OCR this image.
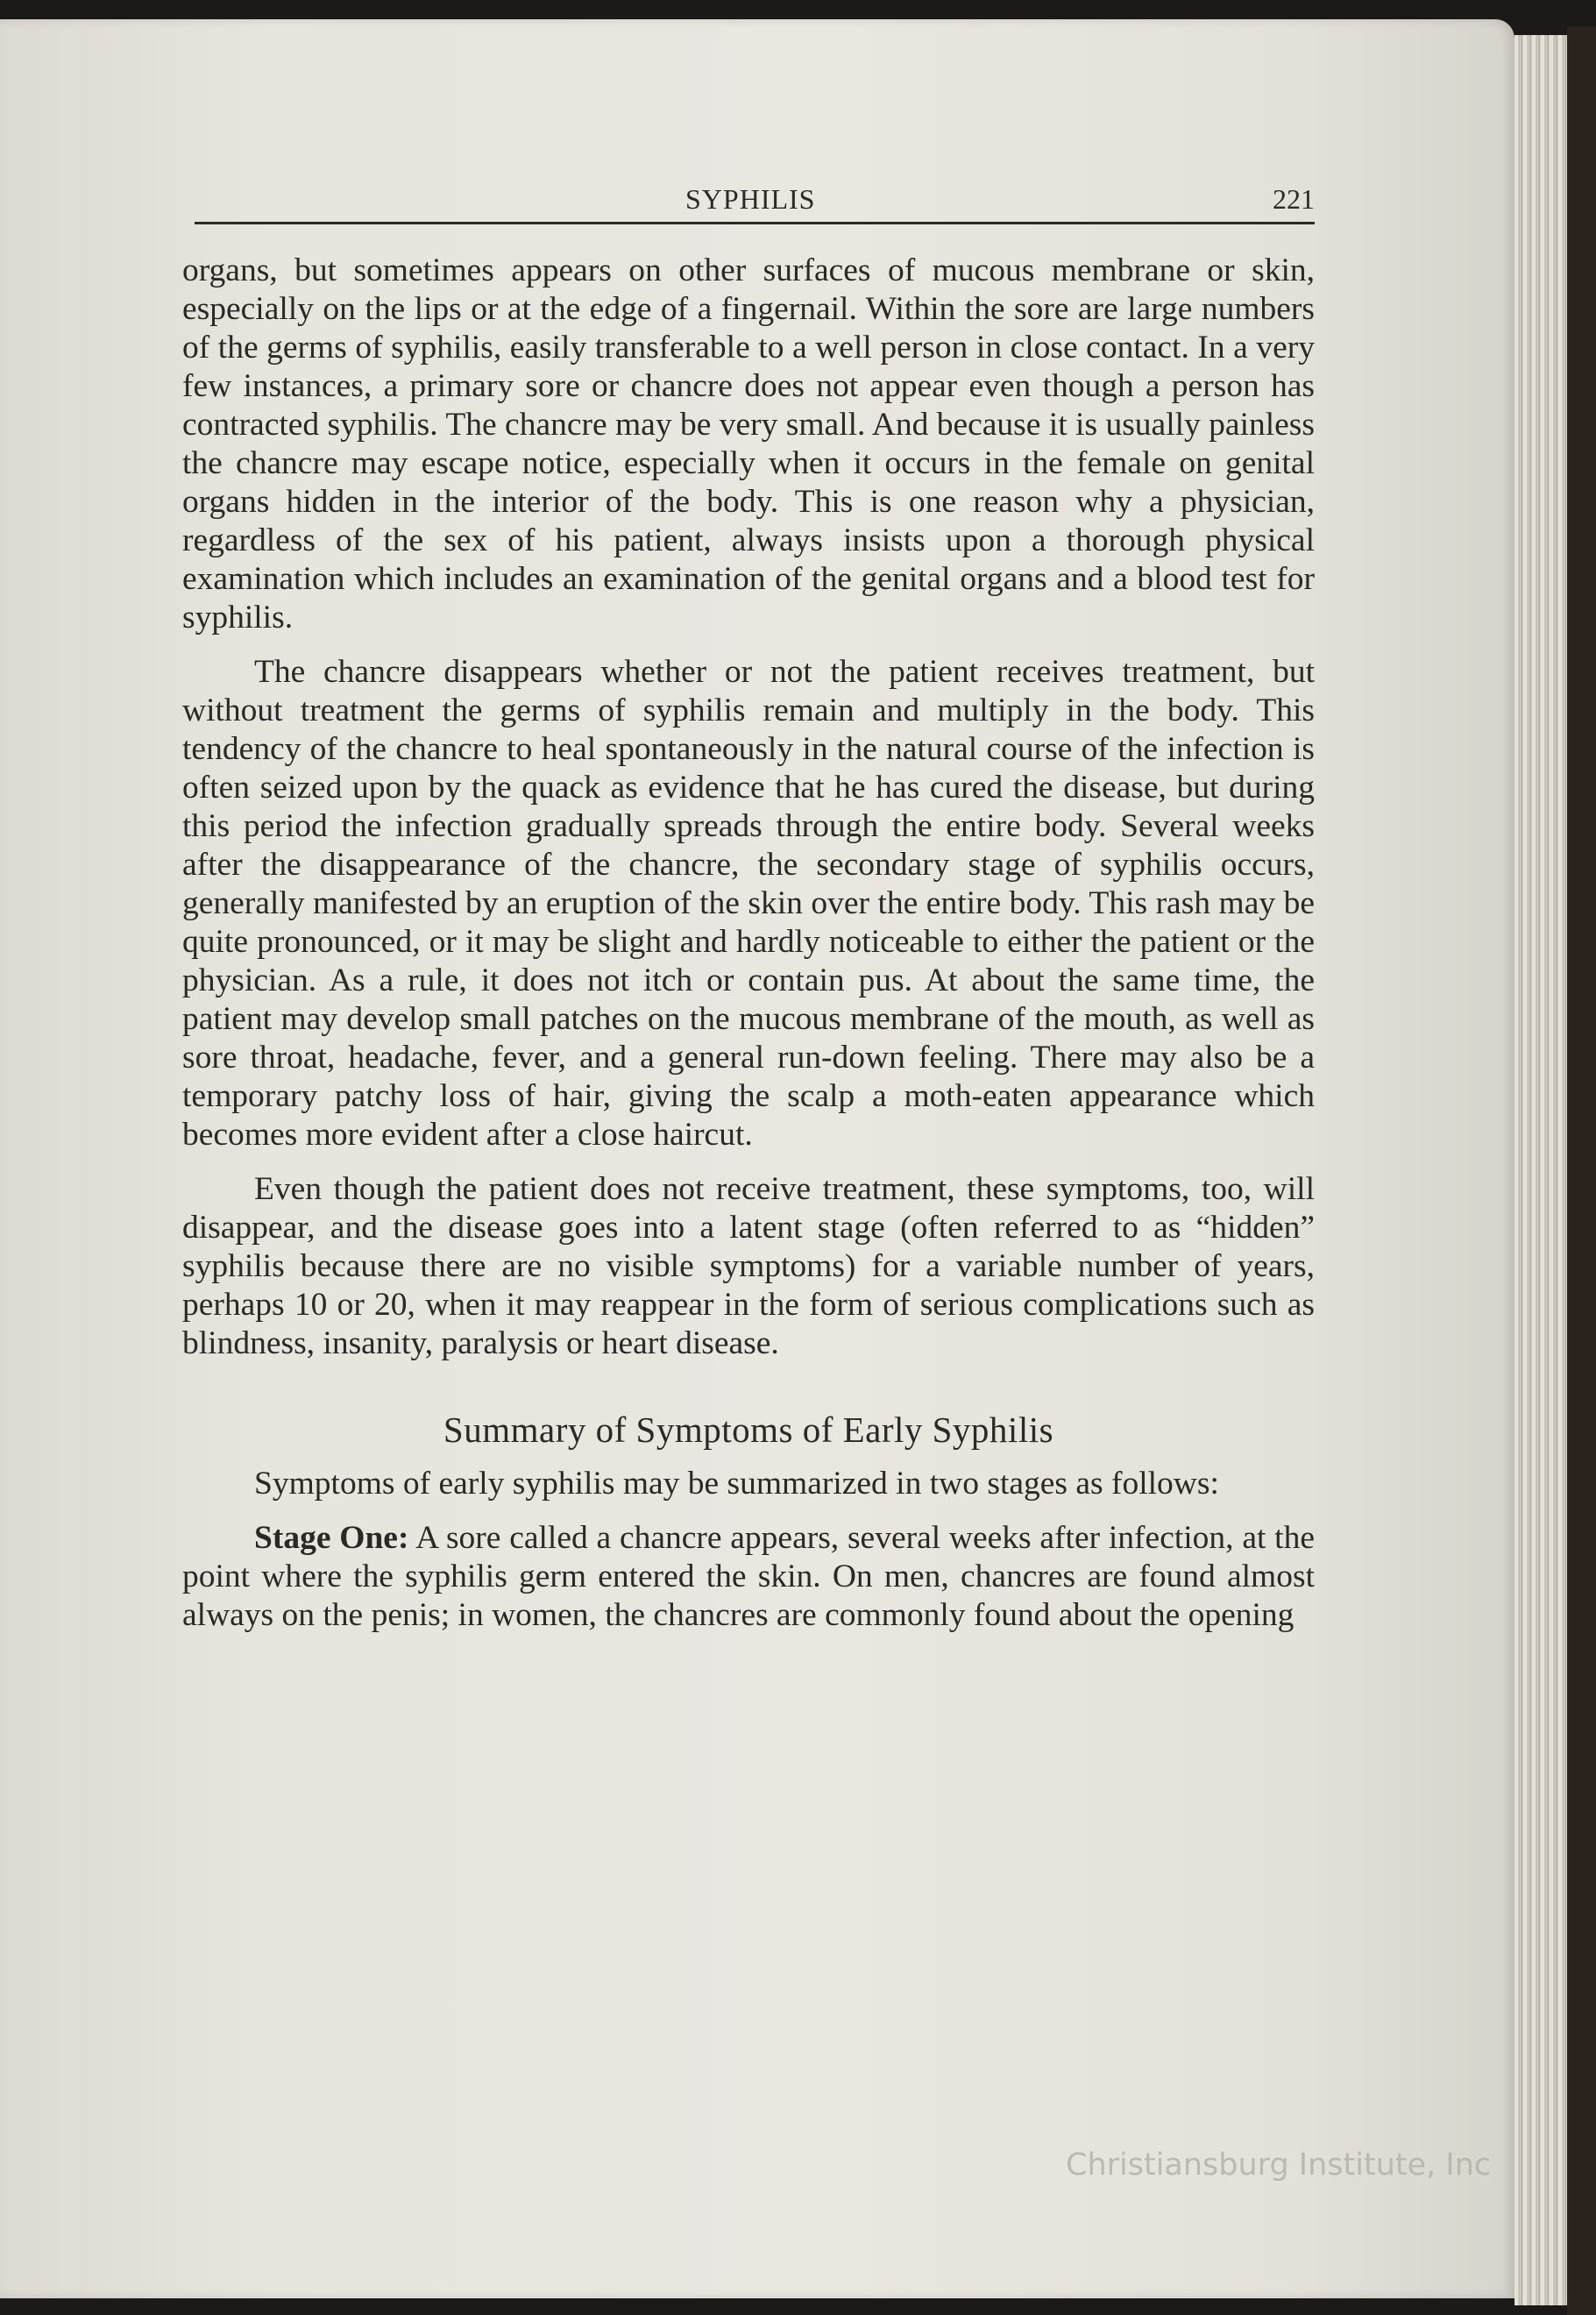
SYPHILIS	221

organs, but sometimes appears on other surfaces of mucous membrane or skin, especially on the lips or at the edge of a fingernail. Within the sore are large numbers of the germs of syphilis, easily transferable to a well person in close contact. In a very few instances, a primary sore or chancre does not appear even though a person has contracted syphilis. The chancre may be very small. And because it is usually painless the chancre may escape notice, especially when it occurs in the female on genital organs hidden in the interior of the body. This is one reason why a physician, regardless of the sex of his patient, always insists upon a thorough physical examination which includes an examination of the genital organs and a blood test for syphilis.

The chancre disappears whether or not the patient receives treatment, but without treatment the germs of syphilis remain and multiply in the body. This tendency of the chancre to heal spontaneously in the natural course of the infection is often seized upon by the quack as evidence that he has cured the disease, but during this period the infection gradually spreads through the entire body. Several weeks after the disappearance of the chancre, the secondary stage of syphilis occurs, generally manifested by an eruption of the skin over the entire body. This rash may be quite pronounced, or it may be slight and hardly noticeable to either the patient or the physician. As a rule, it does not itch or contain pus. At about the same time, the patient may develop small patches on the mucous membrane of the mouth, as well as sore throat, headache, fever, and a general run-down feeling. There may also be a temporary patchy loss of hair, giving the scalp a moth-eaten appearance which becomes more evident after a close haircut.

Even though the patient does not receive treatment, these symptoms, too, will disappear, and the disease goes into a latent stage (often referred to as “hidden” syphilis because there are no visible symptoms) for a variable number of years, perhaps 10 or 20, when it may reappear in the form of serious complications such as blindness, insanity, paralysis or heart disease.

Summary of Symptoms of Early Syphilis

Symptoms of early syphilis may be summarized in two stages as follows:

Stage One: A sore called a chancre appears, several weeks after infection, at the point where the syphilis germ entered the skin. On men, chancres are found almost always on the penis; in women, the chancres are commonly found about the opening

Christiansburg Institute, Inc
